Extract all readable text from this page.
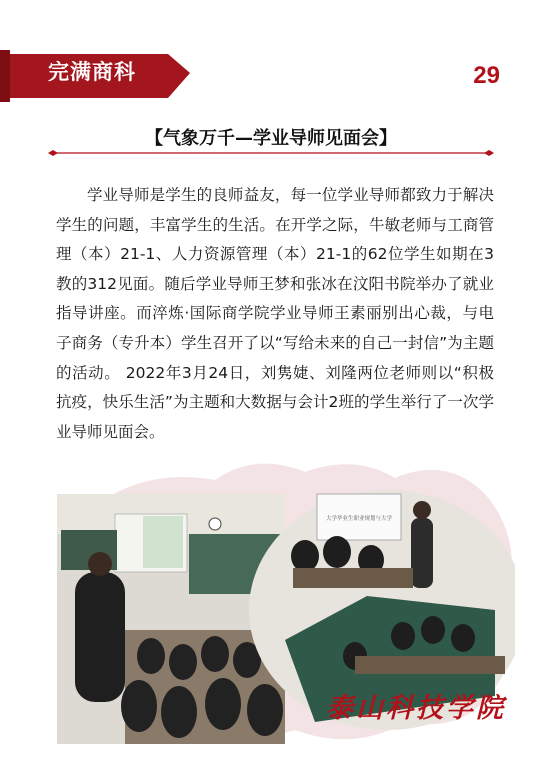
完满商科	29
【气象万千—学业导师见面会】

学业导师是学生的良师益友，每一位学业导师都致力于解决学生的问题，丰富学生的生活。在开学之际，牛敏老师与工商管理（本）21-1、人力资源管理（本）21-1的62位学生如期在3教的312见面。随后学业导师王梦和张冰在汶阳书院举办了就业指导讲座。而淬炼·国际商学院学业导师王素丽别出心裁，与电子商务（专升本）学生召开了以“写给未来的自己一封信”为主题的活动。 2022年3月24日，刘隽婕、刘隆两位老师则以“积极抗疫，快乐生活”为主题和大数据与会计2班的学生举行了一次学业导师见面会。

大学毕业生职业规划与大学
泰山科技学院
